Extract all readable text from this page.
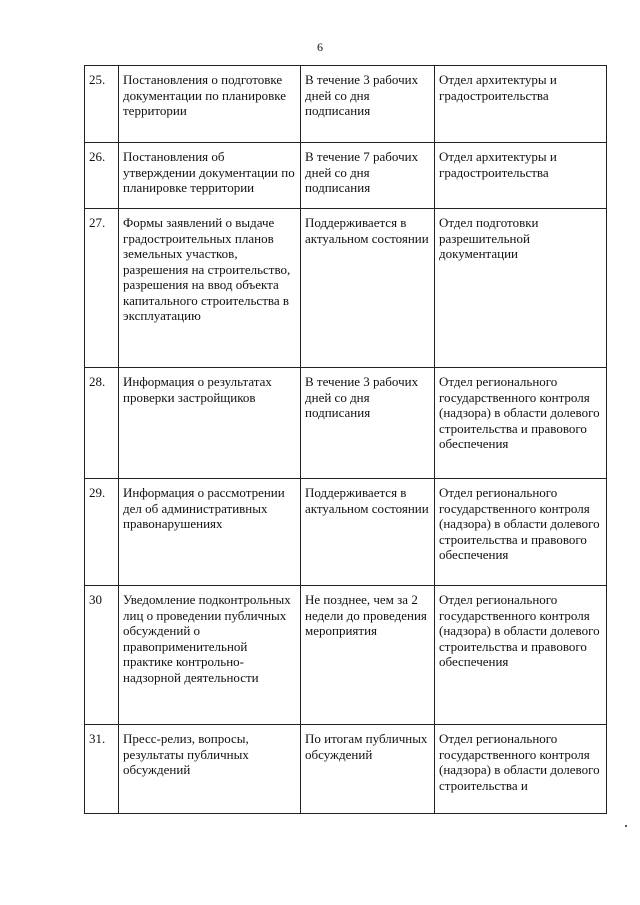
6
25.	Постановления о подготовке документации по планировке территории	В течение 3 рабочих дней со дня подписания	Отдел архитектуры и градостроительства
26.	Постановления об утверждении документации по планировке территории	В течение 7 рабочих дней со дня подписания	Отдел архитектуры и градостроительства
27.	Формы заявлений о выдаче градостроительных планов земельных участков, разрешения на строительство, разрешения на ввод объекта капитального строительства в эксплуатацию	Поддерживается в актуальном состоянии	Отдел подготовки разрешительной документации
28.	Информация о результатах проверки застройщиков	В течение 3 рабочих дней со дня подписания	Отдел регионального государственного контроля (надзора) в области долевого строительства и правового обеспечения
29.	Информация о рассмотрении дел об административных правонарушениях	Поддерживается в актуальном состоянии	Отдел регионального государственного контроля (надзора) в области долевого строительства и правового обеспечения
30	Уведомление подконтрольных лиц о проведении публичных обсуждений о правоприменительной практике контрольно-надзорной деятельности	Не позднее, чем за 2 недели до проведения мероприятия	Отдел регионального государственного контроля (надзора) в области долевого строительства и правового обеспечения
31.	Пресс-релиз, вопросы, результаты публичных обсуждений	По итогам публичных обсуждений	Отдел регионального государственного контроля (надзора) в области долевого строительства и
